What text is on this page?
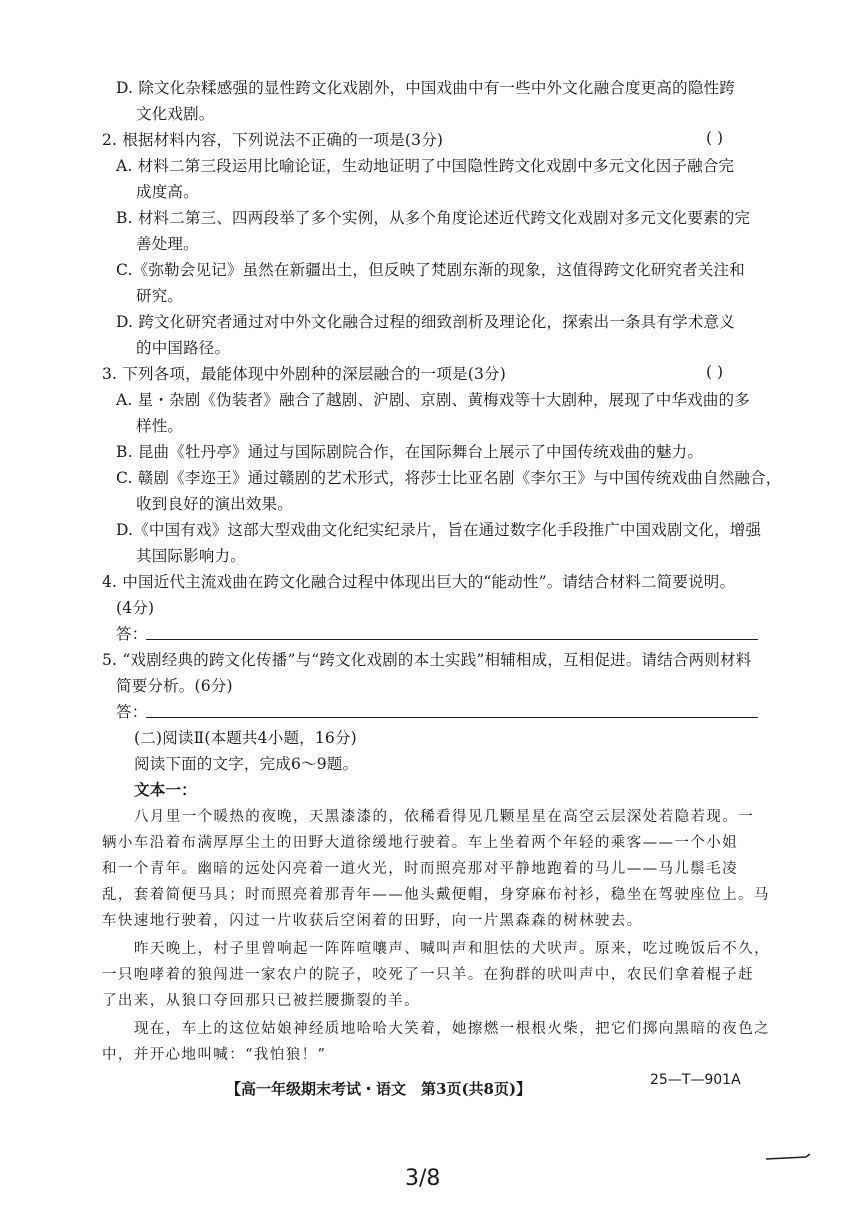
D. 除文化杂糅感强的显性跨文化戏剧外，中国戏曲中有一些中外文化融合度更高的隐性跨
文化戏剧。
2. 根据材料内容，下列说法不正确的一项是(3分)	( )
A. 材料二第三段运用比喻论证，生动地证明了中国隐性跨文化戏剧中多元文化因子融合完
成度高。
B. 材料二第三、四两段举了多个实例，从多个角度论述近代跨文化戏剧对多元文化要素的完
善处理。
C.《弥勒会见记》虽然在新疆出土，但反映了梵剧东渐的现象，这值得跨文化研究者关注和
研究。
D. 跨文化研究者通过对中外文化融合过程的细致剖析及理论化，探索出一条具有学术意义
的中国路径。
3. 下列各项，最能体现中外剧种的深层融合的一项是(3分)	( )
A. 星・杂剧《伪装者》融合了越剧、沪剧、京剧、黄梅戏等十大剧种，展现了中华戏曲的多
样性。
B. 昆曲《牡丹亭》通过与国际剧院合作，在国际舞台上展示了中国传统戏曲的魅力。
C. 赣剧《李迩王》通过赣剧的艺术形式，将莎士比亚名剧《李尔王》与中国传统戏曲自然融合，
收到良好的演出效果。
D.《中国有戏》这部大型戏曲文化纪实纪录片，旨在通过数字化手段推广中国戏剧文化，增强
其国际影响力。
4. 中国近代主流戏曲在跨文化融合过程中体现出巨大的“能动性”。请结合材料二简要说明。
(4分)
答：
5. “戏剧经典的跨文化传播”与“跨文化戏剧的本土实践”相辅相成，互相促进。请结合两则材料
简要分析。(6分)
答：
(二)阅读Ⅱ(本题共4小题，16分)
阅读下面的文字，完成6～9题。
文本一：
八月里一个暖热的夜晚，天黑漆漆的，依稀看得见几颗星星在高空云层深处若隐若现。一
辆小车沿着布满厚厚尘土的田野大道徐缓地行驶着。车上坐着两个年轻的乘客——一个小姐
和一个青年。幽暗的远处闪亮着一道火光，时而照亮那对平静地跑着的马儿——马儿鬃毛凌
乱，套着简便马具；时而照亮着那青年——他头戴便帽，身穿麻布衬衫，稳坐在驾驶座位上。马
车快速地行驶着，闪过一片收获后空闲着的田野，向一片黑森森的树林驶去。
昨天晚上，村子里曾响起一阵阵喧嚷声、喊叫声和胆怯的犬吠声。原来，吃过晚饭后不久，
一只咆哮着的狼闯进一家农户的院子，咬死了一只羊。在狗群的吠叫声中，农民们拿着棍子赶
了出来，从狼口夺回那只已被拦腰撕裂的羊。
现在，车上的这位姑娘神经质地哈哈大笑着，她擦燃一根根火柴，把它们掷向黑暗的夜色之
中，并开心地叫喊：“我怕狼！”
【高一年级期末考试・语文　第3页(共8页)】	25—T—901A
3/8
